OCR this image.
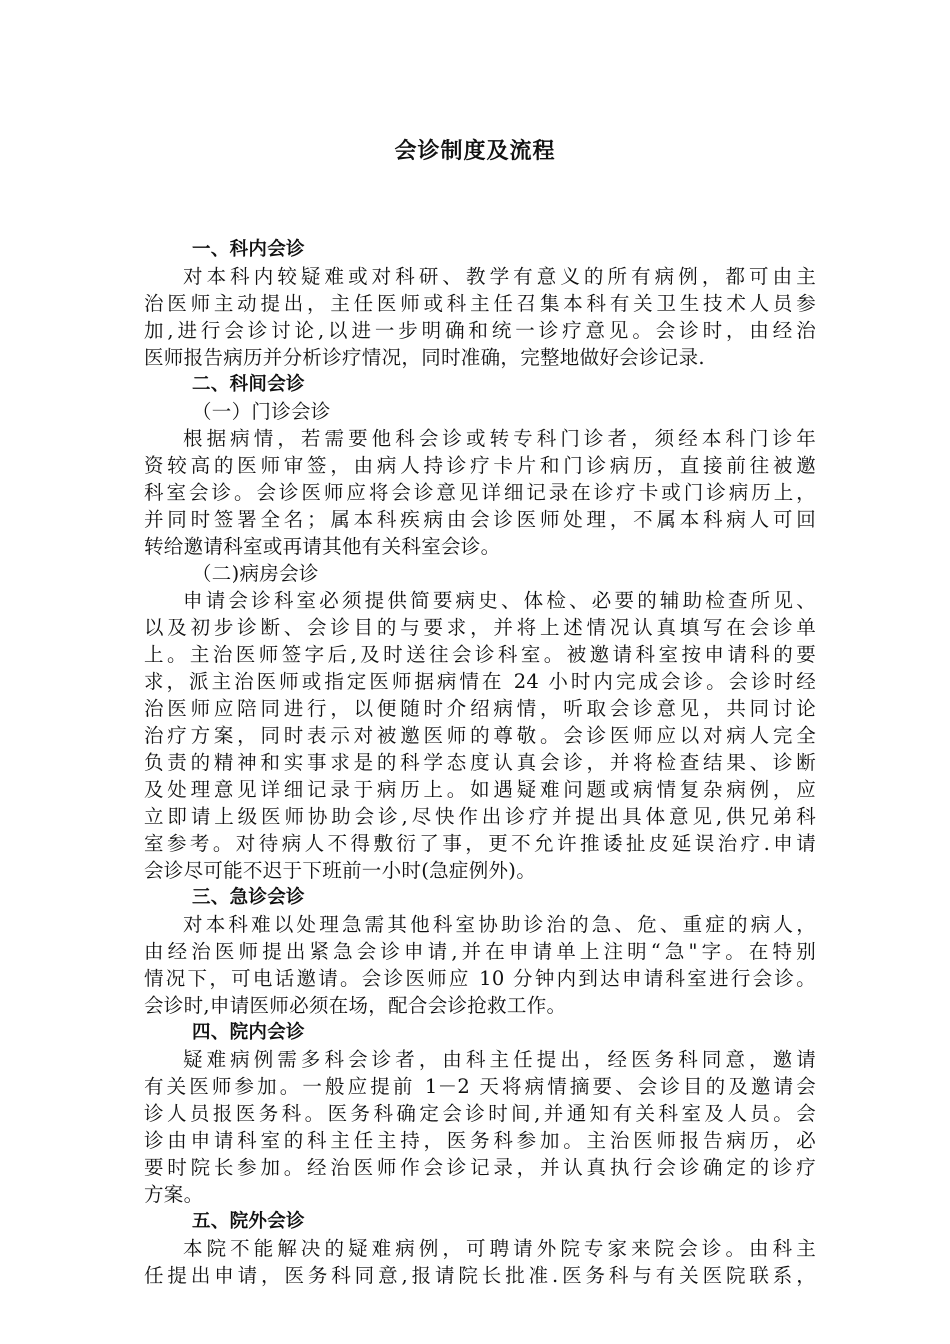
会诊制度及流程
一、科内会诊
对本科内较疑难或对科研、教学有意义的所有病例，都可由主
治医师主动提出，主任医师或科主任召集本科有关卫生技术人员参
加,进行会诊讨论,以进一步明确和统一诊疗意见。会诊时，由经治
医师报告病历并分析诊疗情况，同时准确，完整地做好会诊记录.
二、科间会诊
（一）门诊会诊
根据病情，若需要他科会诊或转专科门诊者，须经本科门诊年
资较高的医师审签，由病人持诊疗卡片和门诊病历，直接前往被邀
科室会诊。会诊医师应将会诊意见详细记录在诊疗卡或门诊病历上，
并同时签署全名；属本科疾病由会诊医师处理，不属本科病人可回
转给邀请科室或再请其他有关科室会诊。
（二)病房会诊
申请会诊科室必须提供简要病史、体检、必要的辅助检查所见、
以及初步诊断、会诊目的与要求，并将上述情况认真填写在会诊单
上。主治医师签字后,及时送往会诊科室。被邀请科室按申请科的要
求，派主治医师或指定医师据病情在 24 小时内完成会诊。会诊时经
治医师应陪同进行，以便随时介绍病情，听取会诊意见，共同讨论
治疗方案，同时表示对被邀医师的尊敬。会诊医师应以对病人完全
负责的精神和实事求是的科学态度认真会诊，并将检查结果、诊断
及处理意见详细记录于病历上。如遇疑难问题或病情复杂病例，应
立即请上级医师协助会诊,尽快作出诊疗并提出具体意见,供兄弟科
室参考。对待病人不得敷衍了事，更不允许推诿扯皮延误治疗.申请
会诊尽可能不迟于下班前一小时(急症例外)。
三、急诊会诊
对本科难以处理急需其他科室协助诊治的急、危、重症的病人，
由经治医师提出紧急会诊申请,并在申请单上注明“急"字。在特别
情况下，可电话邀请。会诊医师应 10 分钟内到达申请科室进行会诊。
会诊时,申请医师必须在场，配合会诊抢救工作。
四、院内会诊
疑难病例需多科会诊者，由科主任提出，经医务科同意，邀请
有关医师参加。一般应提前 1－2 天将病情摘要、会诊目的及邀请会
诊人员报医务科。医务科确定会诊时间,并通知有关科室及人员。会
诊由申请科室的科主任主持，医务科参加。主治医师报告病历，必
要时院长参加。经治医师作会诊记录，并认真执行会诊确定的诊疗
方案。
五、院外会诊
本院不能解决的疑难病例，可聘请外院专家来院会诊。由科主
任提出申请，医务科同意,报请院长批准.医务科与有关医院联系，
